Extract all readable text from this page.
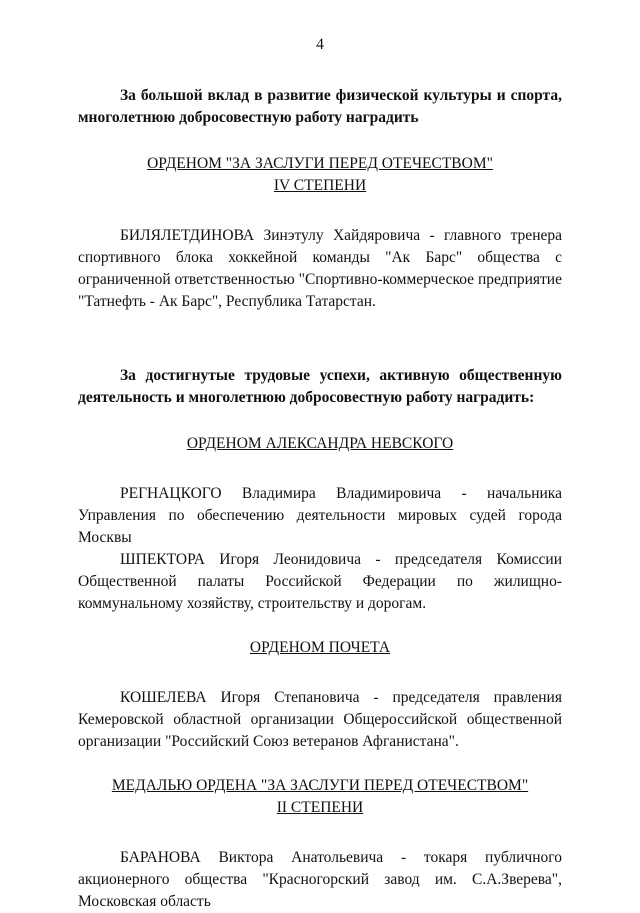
4

За большой вклад в развитие физической культуры и спорта, многолетнюю добросовестную работу наградить

ОРДЕНОМ "ЗА ЗАСЛУГИ ПЕРЕД ОТЕЧЕСТВОМ"
IV СТЕПЕНИ

БИЛЯЛЕТДИНОВА Зинэтулу Хайдяровича - главного тренера спортивного блока хоккейной команды "Ак Барс" общества с ограниченной ответственностью "Спортивно-коммерческое предприятие "Татнефть - Ак Барс", Республика Татарстан.

За достигнутые трудовые успехи, активную общественную деятельность и многолетнюю добросовестную работу наградить:

ОРДЕНОМ АЛЕКСАНДРА НЕВСКОГО

РЕГНАЦКОГО Владимира Владимировича - начальника Управления по обеспечению деятельности мировых судей города Москвы

ШПЕКТОРА Игоря Леонидовича - председателя Комиссии Общественной палаты Российской Федерации по жилищно-коммунальному хозяйству, строительству и дорогам.

ОРДЕНОМ ПОЧЕТА

КОШЕЛЕВА Игоря Степановича - председателя правления Кемеровской областной организации Общероссийской общественной организации "Российский Союз ветеранов Афганистана".

МЕДАЛЬЮ ОРДЕНА "ЗА ЗАСЛУГИ ПЕРЕД ОТЕЧЕСТВОМ"
II СТЕПЕНИ

БАРАНОВА Виктора Анатольевича - токаря публичного акционерного общества "Красногорский завод им. С.А.Зверева", Московская область
